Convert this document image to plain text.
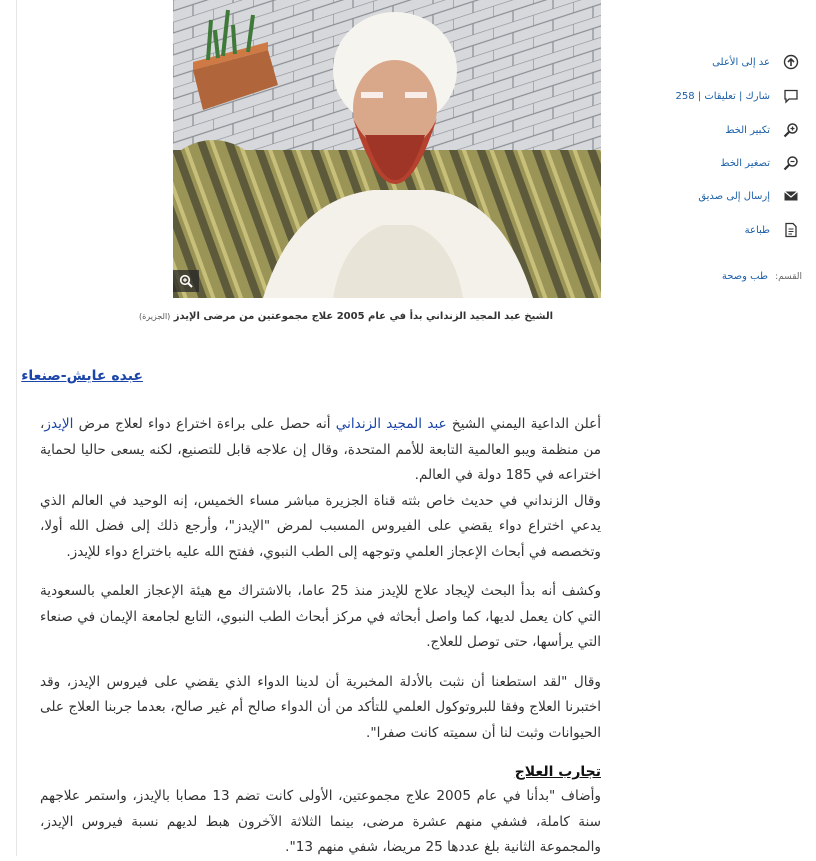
الشيخ عبد المجيد الزنداني بدأ في عام 2005 علاج مجموعتين من مرضى الإيدز (الجزيرة)
عد إلى الأعلى
شارك | تعليقات | 258
تكبير الخط
تصغير الخط
إرسال إلى صديق
طباعة
القسم: طب وصحة
عبده عايش-صنعاء

أعلن الداعية اليمني الشيخ عبد المجيد الزنداني أنه حصل على براءة اختراع دواء لعلاج مرض الإيدز، من منظمة ويبو العالمية التابعة للأمم المتحدة، وقال إن علاجه قابل للتصنيع، لكنه يسعى حاليا لحماية اختراعه في 185 دولة في العالم.

وقال الزنداني في حديث خاص بثته قناة الجزيرة مباشر مساء الخميس، إنه الوحيد في العالم الذي يدعي اختراع دواء يقضي على الفيروس المسبب لمرض "الإيدز"، وأرجع ذلك إلى فضل الله أولا، وتخصصه في أبحاث الإعجاز العلمي وتوجهه إلى الطب النبوي، ففتح الله عليه باختراع دواء للإيدز.

وكشف أنه بدأ البحث لإيجاد علاج للإيدز منذ 25 عاما، بالاشتراك مع هيئة الإعجاز العلمي بالسعودية التي كان يعمل لديها، كما واصل أبحاثه في مركز أبحاث الطب النبوي، التابع لجامعة الإيمان في صنعاء التي يرأسها، حتى توصل للعلاج.

وقال "لقد استطعنا أن نثبت بالأدلة المخبرية أن لدينا الدواء الذي يقضي على فيروس الإيدز، وقد اختبرنا العلاج وفقا للبروتوكول العلمي للتأكد من أن الدواء صالح أم غير صالح، بعدما جربنا العلاج على الحيوانات وثبت لنا أن سميته كانت صفرا".

تجارب العلاج

وأضاف "بدأنا في عام 2005 علاج مجموعتين، الأولى كانت تضم 13 مصابا بالإيدز، واستمر علاجهم سنة كاملة، فشفي منهم عشرة مرضى، بينما الثلاثة الآخرون هبط لديهم نسبة فيروس الإيدز، والمجموعة الثانية بلغ عددها 25 مريضا، شفي منهم 13".
